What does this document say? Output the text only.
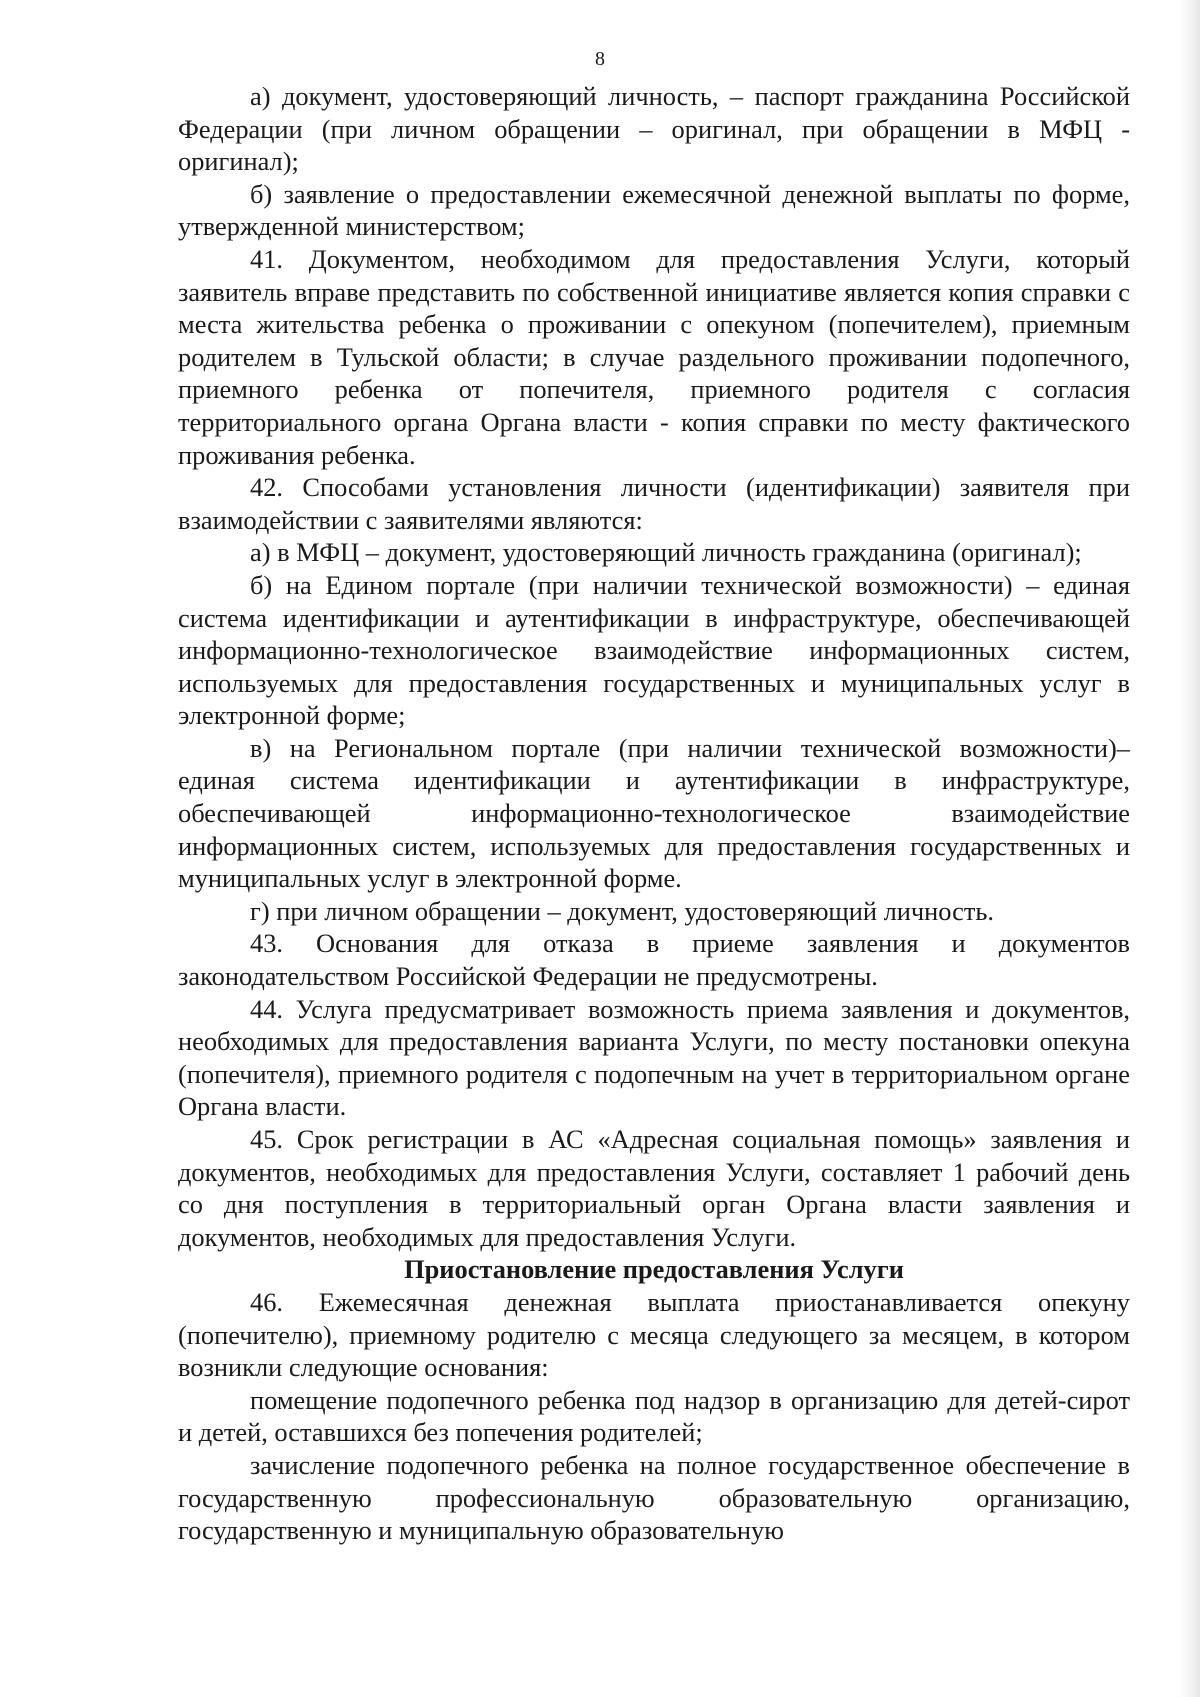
8

а) документ, удостоверяющий личность, – паспорт гражданина Российской Федерации (при личном обращении – оригинал, при обращении в МФЦ - оригинал);

б) заявление о предоставлении ежемесячной денежной выплаты по форме, утвержденной министерством;

41. Документом, необходимом для предоставления Услуги, который заявитель вправе представить по собственной инициативе является копия справки с места жительства ребенка о проживании с опекуном (попечителем), приемным родителем в Тульской области; в случае раздельного проживании подопечного, приемного ребенка от попечителя, приемного родителя с согласия территориального органа Органа власти - копия справки по месту фактического проживания ребенка.

42. Способами установления личности (идентификации) заявителя при взаимодействии с заявителями являются:

а) в МФЦ – документ, удостоверяющий личность гражданина (оригинал);

б) на Едином портале (при наличии технической возможности) – единая система идентификации и аутентификации в инфраструктуре, обеспечивающей информационно-технологическое взаимодействие информационных систем, используемых для предоставления государственных и муниципальных услуг в электронной форме;

в) на Региональном портале (при наличии технической возможности)– единая система идентификации и аутентификации в инфраструктуре, обеспечивающей информационно-технологическое взаимодействие информационных систем, используемых для предоставления государственных и муниципальных услуг в электронной форме.

г) при личном обращении – документ, удостоверяющий личность.

43. Основания для отказа в приеме заявления и документов законодательством Российской Федерации не предусмотрены.

44. Услуга предусматривает возможность приема заявления и документов, необходимых для предоставления варианта Услуги, по месту постановки опекуна (попечителя), приемного родителя с подопечным на учет в территориальном органе Органа власти.

45. Срок регистрации в АС «Адресная социальная помощь» заявления и документов, необходимых для предоставления Услуги, составляет 1 рабочий день со дня поступления в территориальный орган Органа власти заявления и документов, необходимых для предоставления Услуги.

Приостановление предоставления Услуги

46. Ежемесячная денежная выплата приостанавливается опекуну (попечителю), приемному родителю с месяца следующего за месяцем, в котором возникли следующие основания:

помещение подопечного ребенка под надзор в организацию для детей-сирот и детей, оставшихся без попечения родителей;

зачисление подопечного ребенка на полное государственное обеспечение в государственную профессиональную образовательную организацию, государственную и муниципальную образовательную
